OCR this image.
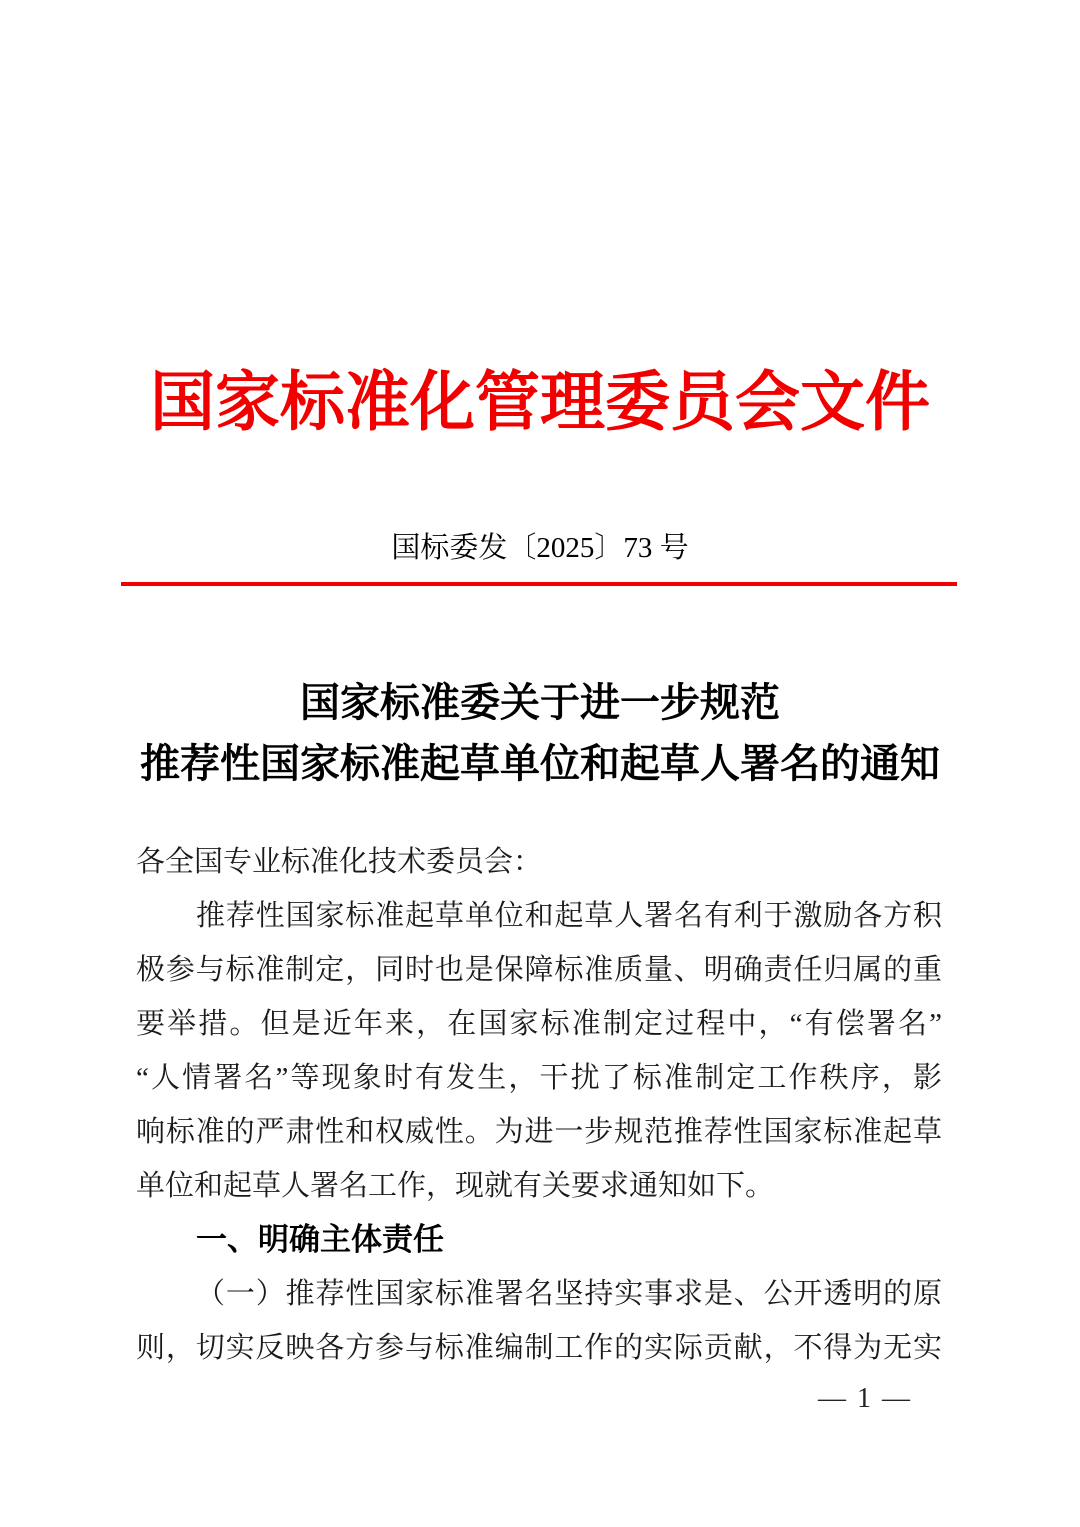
国家标准化管理委员会文件
国标委发〔2025〕73 号
国家标准委关于进一步规范
推荐性国家标准起草单位和起草人署名的通知
各全国专业标准化技术委员会：
推荐性国家标准起草单位和起草人署名有利于激励各方积
极参与标准制定，同时也是保障标准质量、明确责任归属的重
要举措。但是近年来，在国家标准制定过程中，“有偿署名”
“人情署名”等现象时有发生，干扰了标准制定工作秩序，影
响标准的严肃性和权威性。为进一步规范推荐性国家标准起草
单位和起草人署名工作，现就有关要求通知如下。
一、明确主体责任
（一）推荐性国家标准署名坚持实事求是、公开透明的原
则，切实反映各方参与标准编制工作的实际贡献，不得为无实
— 1 —
